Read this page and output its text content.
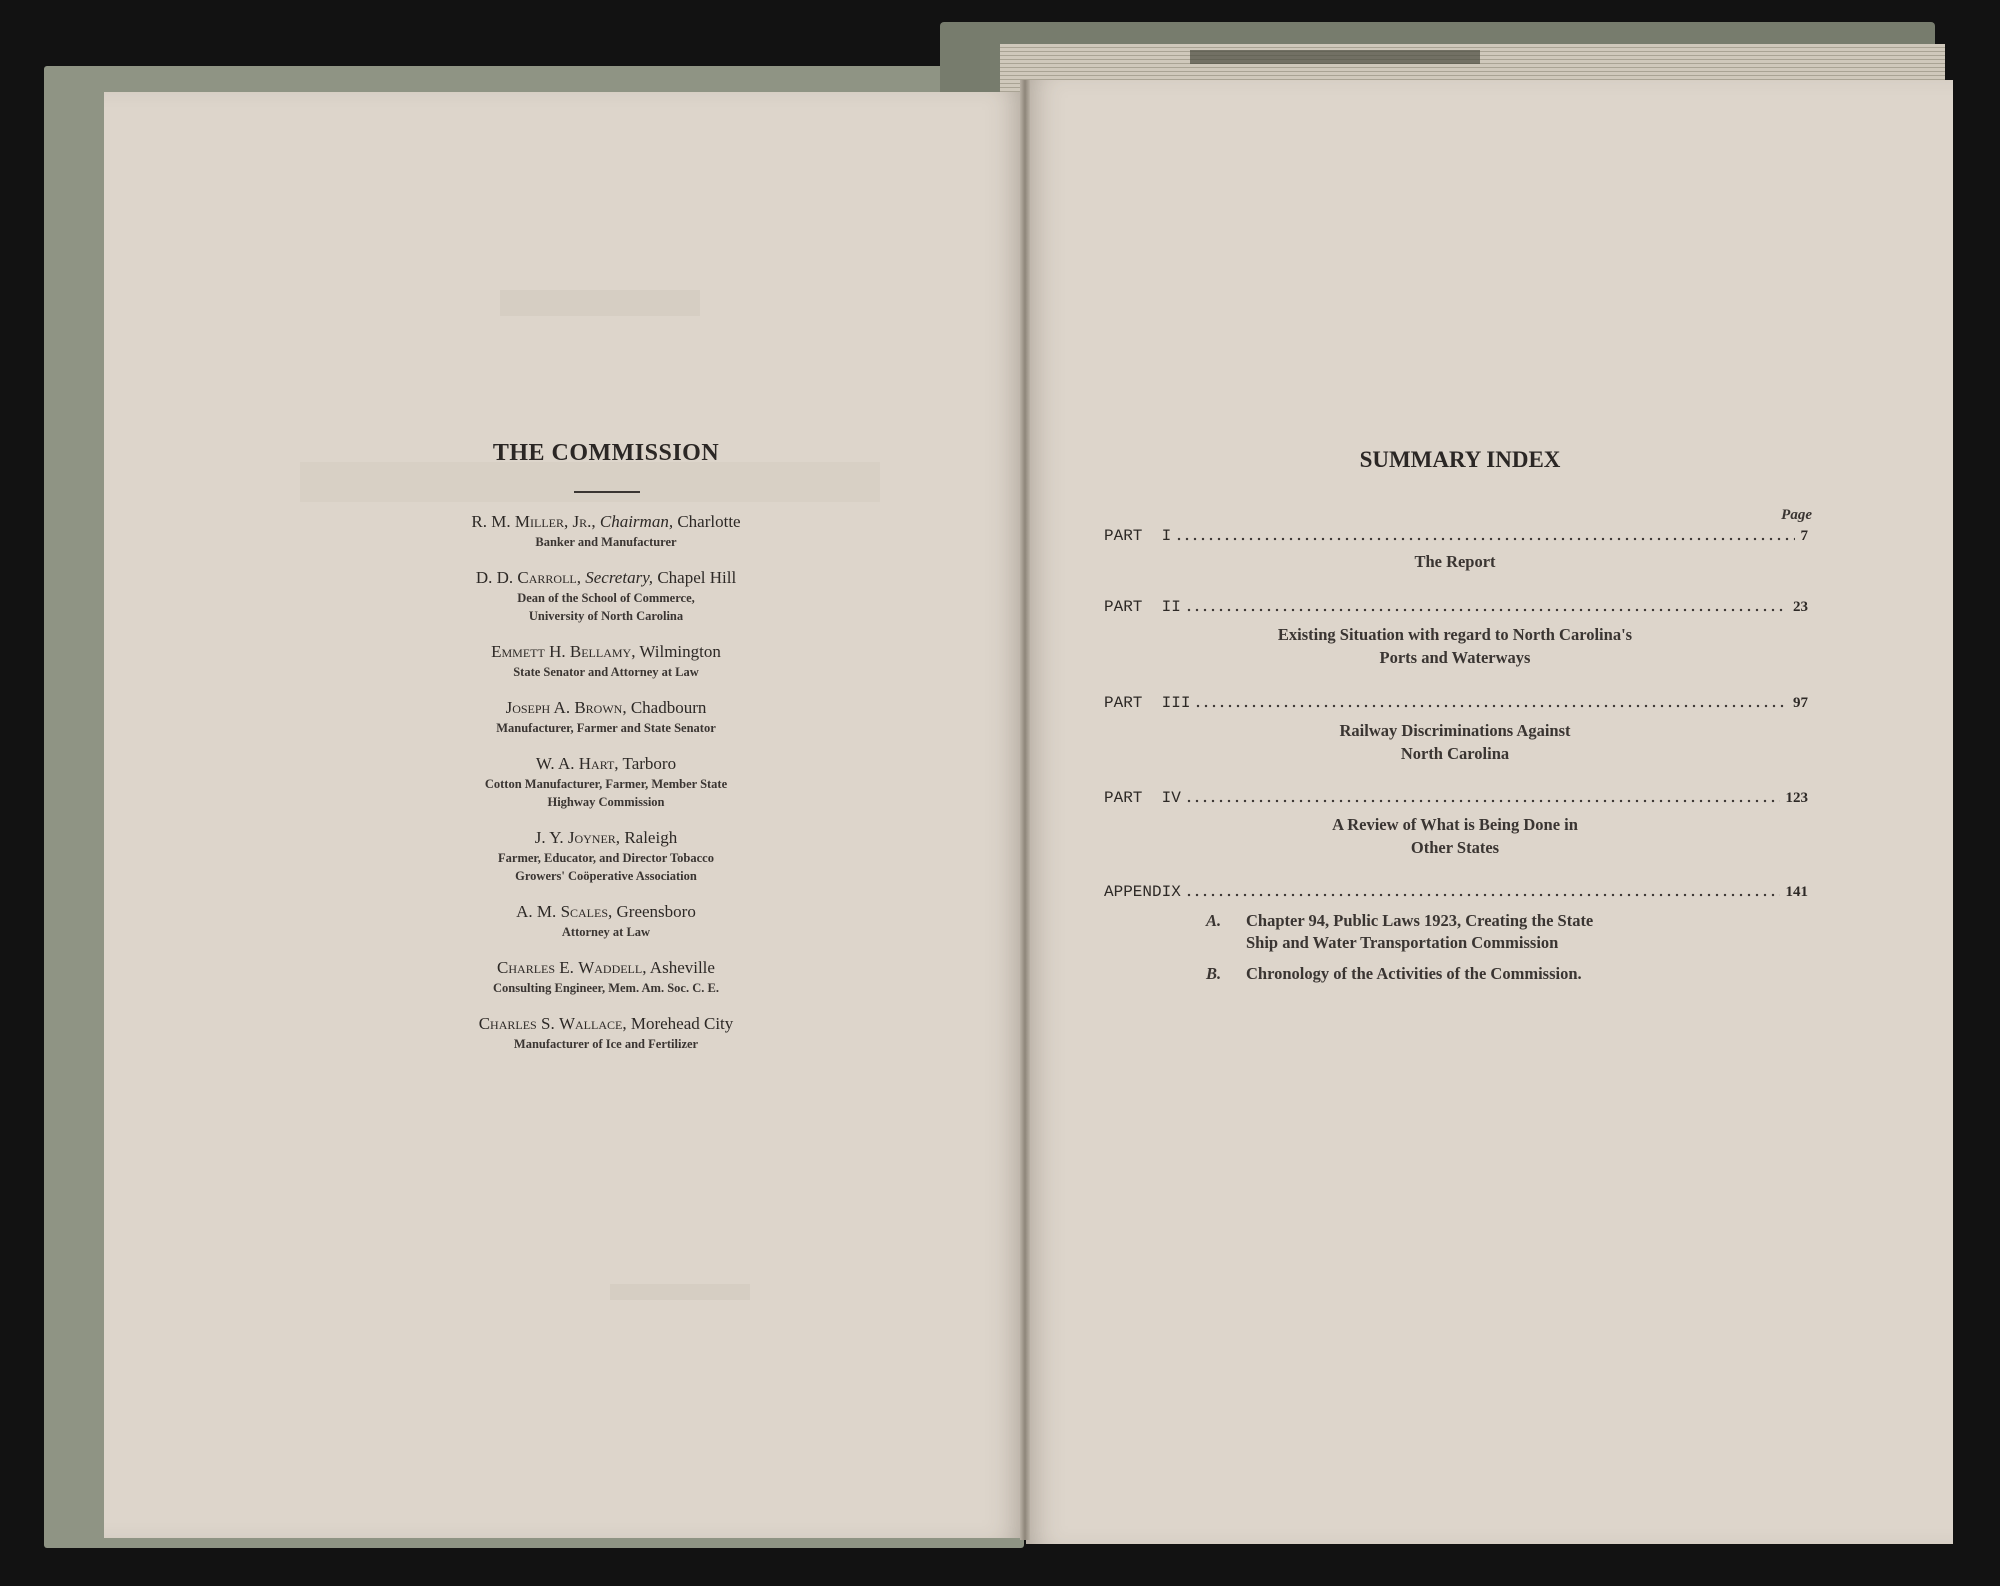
THE COMMISSION
R. M. Miller, Jr., Chairman, Charlotte
Banker and Manufacturer
D. D. Carroll, Secretary, Chapel Hill
Dean of the School of Commerce,
University of North Carolina
Emmett H. Bellamy, Wilmington
State Senator and Attorney at Law
Joseph A. Brown, Chadbourn
Manufacturer, Farmer and State Senator
W. A. Hart, Tarboro
Cotton Manufacturer, Farmer, Member State
Highway Commission
J. Y. Joyner, Raleigh
Farmer, Educator, and Director Tobacco
Growers' Coöperative Association
A. M. Scales, Greensboro
Attorney at Law
Charles E. Waddell, Asheville
Consulting Engineer, Mem. Am. Soc. C. E.
Charles S. Wallace, Morehead City
Manufacturer of Ice and Fertilizer
SUMMARY INDEX
Page
PART  I	7
The Report
PART  II	23
Existing Situation with regard to North Carolina's
Ports and Waterways
PART  III	97
Railway Discriminations Against
North Carolina
PART  IV	123
A Review of What is Being Done in
Other States
APPENDIX	141
A.	Chapter 94, Public Laws 1923, Creating the State
Ship and Water Transportation Commission
B.	Chronology of the Activities of the Commission.
